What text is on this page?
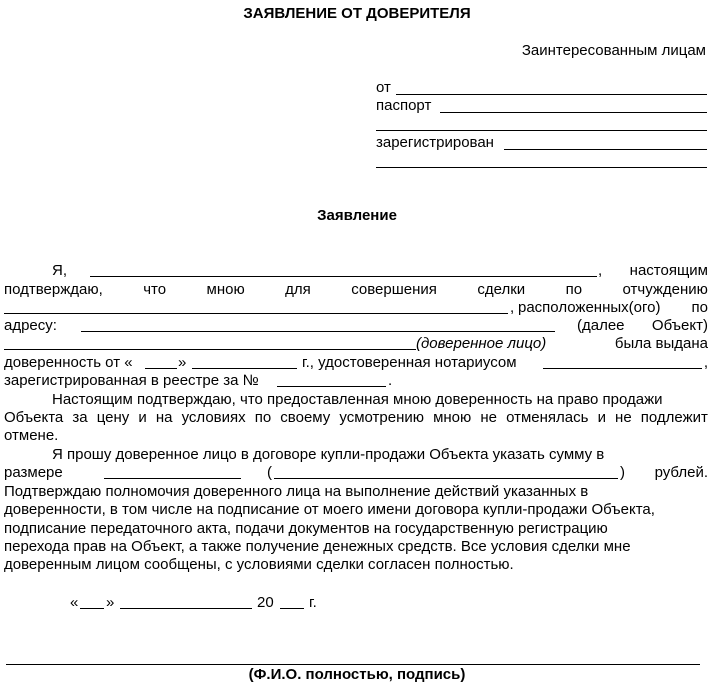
ЗАЯВЛЕНИЕ ОТ ДОВЕРИТЕЛЯ
Заинтересованным лицам
от
паспорт
зарегистрирован
Заявление
Я,	, настоящим
подтверждаю,	что	мною	для	совершения	сделки	по	отчуждению
, расположенных(ого) по
адресу:	(далее Объект)
(доверенное лицо)	была выдана
доверенность от «	»	г., удостоверенная нотариусом	,
зарегистрированная в реестре за №	.
Настоящим подтверждаю, что предоставленная мною доверенность на право продажи
Объекта за цену и на условиях по своему усмотрению мною не отменялась и не подлежит
отмене.
Я прошу доверенное лицо в договоре купли-продажи Объекта указать сумму в
размере	(	) рублей.
Подтверждаю полномочия доверенного лица на выполнение действий указанных в
доверенности, в том числе на подписание от моего имени договора купли-продажи Объекта,
подписание передаточного акта, подачи документов на государственную регистрацию
перехода прав на Объект, а также получение денежных средств. Все условия сделки мне
доверенным лицом сообщены, с условиями сделки согласен полностью.
« »	20 г.
(Ф.И.О. полностью, подпись)
